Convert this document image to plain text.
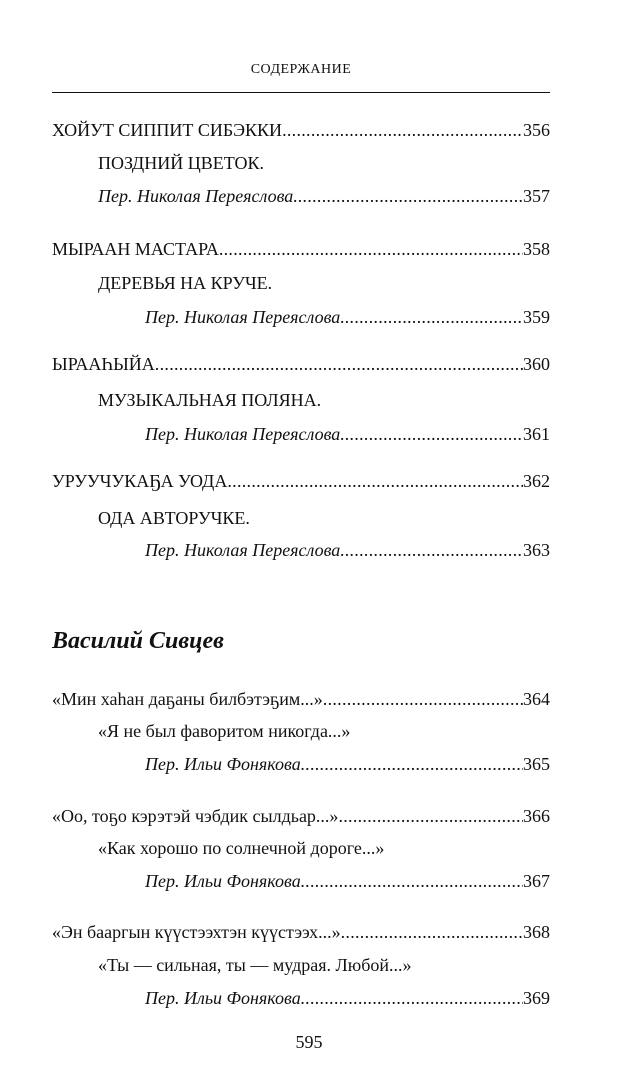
СОДЕРЖАНИЕ
ХОЙУТ СИППИТ СИБЭККИ .....	356
ПОЗДНИЙ ЦВЕТОК.
Пер. Николая Переяслова .....	357
МЫРААН МАСТАРА .....	358
ДЕРЕВЬЯ НА КРУЧЕ.
Пер. Николая Переяслова .....	359
ЫРААҺЫЙА .....	360
МУЗЫКАЛЬНАЯ ПОЛЯНА.
Пер. Николая Переяслова .....	361
УРУУЧУКАҔА УОДА .....	362
ОДА АВТОРУЧКЕ.
Пер. Николая Переяслова .....	363
Василий Сивцев
«Мин хаһан даҕаны билбэтэҕим...» .....	364
«Я не был фаворитом никогда...»
Пер. Ильи Фонякова .....	365
«Оо, тоҕо кэрэтэй чэбдик сылдьар...» .....	366
«Как хорошо по солнечной дороге...»
Пер. Ильи Фонякова .....	367
«Эн бааргын күүстээхтэн күүстээх...» .....	368
«Ты — сильная, ты — мудрая. Любой...»
Пер. Ильи Фонякова .....	369
595
